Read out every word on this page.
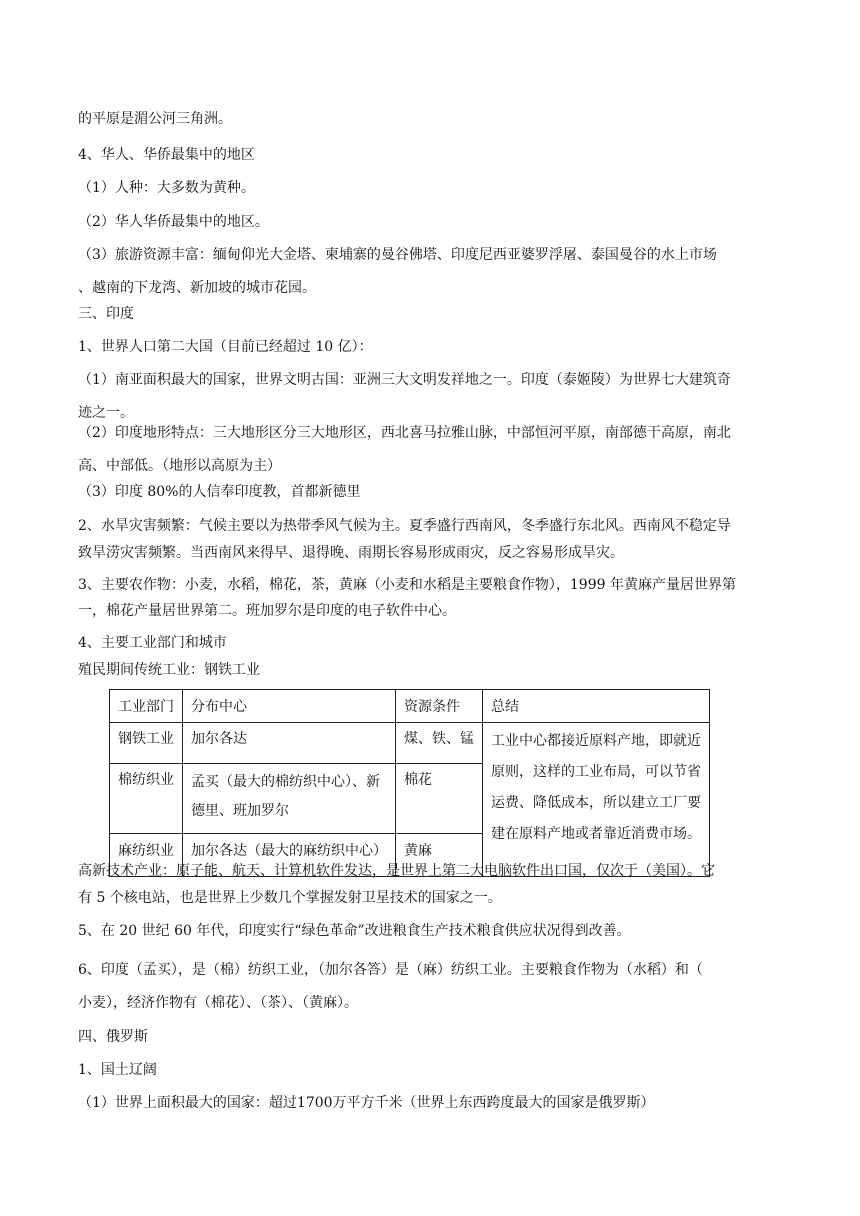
的平原是湄公河三角洲。
4、华人、华侨最集中的地区
（1）人种：大多数为黄种。
（2）华人华侨最集中的地区。
（3）旅游资源丰富：缅甸仰光大金塔、柬埔寨的曼谷佛塔、印度尼西亚婆罗浮屠、泰国曼谷的水上市场
、越南的下龙湾、新加坡的城市花园。
三、印度
1、世界人口第二大国（目前已经超过 10 亿）：
（1）南亚面积最大的国家，世界文明古国：亚洲三大文明发祥地之一。印度（泰姬陵）为世界七大建筑奇
迹之一。
（2）印度地形特点：三大地形区分三大地形区，西北喜马拉雅山脉，中部恒河平原，南部德干高原，南北
高、中部低。（地形以高原为主）
（3）印度 80%的人信奉印度教，首都新德里
2、水旱灾害频繁：气候主要以为热带季风气候为主。夏季盛行西南风，冬季盛行东北风。西南风不稳定导
致旱涝灾害频繁。当西南风来得早、退得晚、雨期长容易形成雨灾，反之容易形成旱灾。
3、主要农作物：小麦，水稻，棉花，茶，黄麻（小麦和水稻是主要粮食作物），1999 年黄麻产量居世界第
一，棉花产量居世界第二。班加罗尔是印度的电子软件中心。
4、主要工业部门和城市
殖民期间传统工业：钢铁工业
工业部门	分布中心	资源条件	总结
钢铁工业	加尔各达	煤、铁、锰	工业中心都接近原料产地，即就近
原则，这样的工业布局，可以节省
运费、降低成本，所以建立工厂要
建在原料产地或者靠近消费市场。

棉纺织业	孟买（最大的棉纺织中心）、新
德里、班加罗尔	棉花	
麻纺织业	加尔各达（最大的麻纺织中心）	黄麻	
高新技术产业：原子能、航天、计算机软件发达，是世界上第二大电脑软件出口国，仅次于（美国）。它
有 5 个核电站，也是世界上少数几个掌握发射卫星技术的国家之一。
5、在 20 世纪 60 年代，印度实行“绿色革命”改进粮食生产技术粮食供应状况得到改善。
6、印度（孟买），是（棉）纺织工业，（加尔各答）是（麻）纺织工业。主要粮食作物为（水稻）和（
小麦），经济作物有（棉花）、（茶）、（黄麻）。
四、俄罗斯
1、国土辽阔
（1）世界上面积最大的国家：超过1700万平方千米（世界上东西跨度最大的国家是俄罗斯）
